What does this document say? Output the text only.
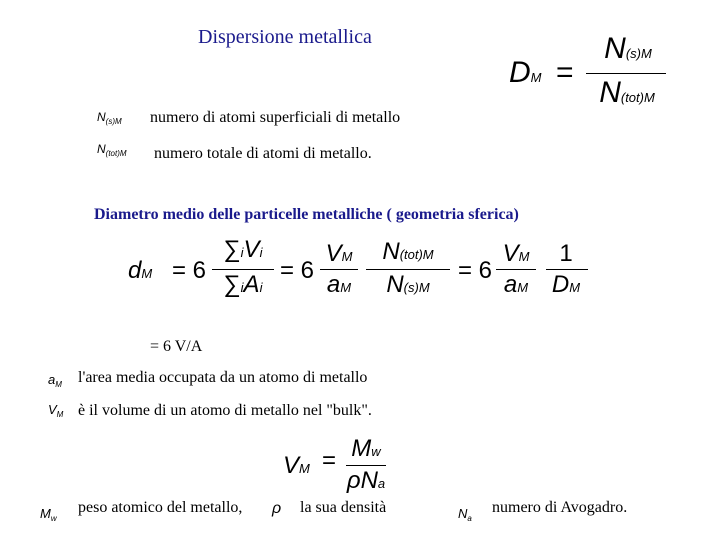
Dispersione metallica
DM =
N(s)M
N(tot)M
$N_{(s)M}$ numero di atomi superficiali di metallo
$N_{(tot)M}$ numero totale di atomi di metallo.
Diametro medio delle particelle metalliche ( geometria sferica)
dM = 6
∑iVi
∑iAi
= 6
VM
aM
N(tot)M
N(s)M
= 6
VM
aM
1
DM
= 6 V/A
$a_M$ l'area media occupata da un atomo di metallo
$V_M$ è il volume di un atomo di metallo nel "bulk".
VM = Mw
ρNa
$M_w$
peso atomico del metallo, ρ la sua densità	$N_a$
numero di Avogadro.
